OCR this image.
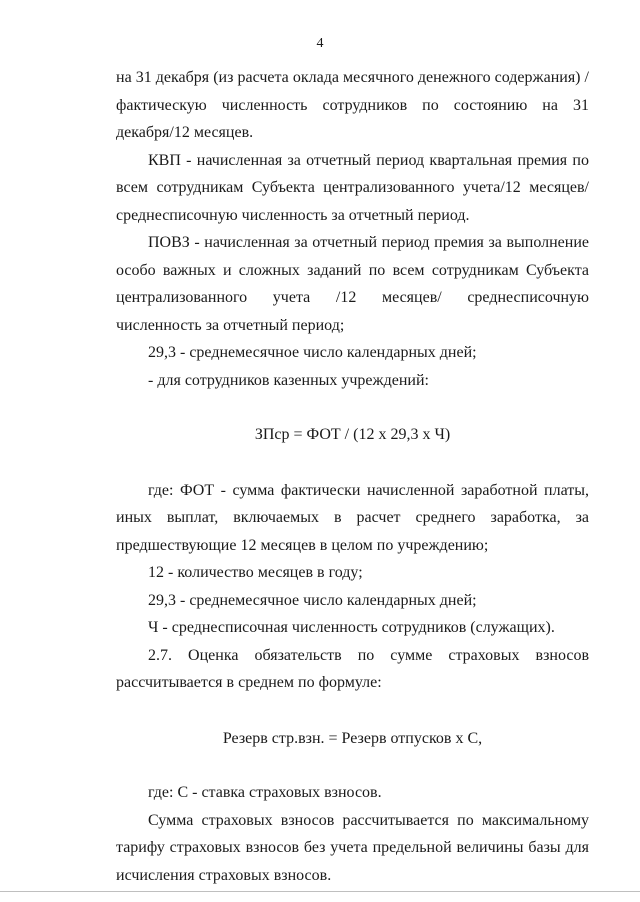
4

на 31 декабря (из расчета оклада месячного денежного содержания) / фактическую численность сотрудников по состоянию на 31 декабря/12 месяцев.

КВП - начисленная за отчетный период квартальная премия по всем сотрудникам Субъекта централизованного учета/12 месяцев/среднесписочную численность за отчетный период.

ПОВЗ - начисленная за отчетный период премия за выполнение особо важных и сложных заданий по всем сотрудникам Субъекта централизованного учета /12 месяцев/ среднесписочную численность за отчетный период;

29,3 - среднемесячное число календарных дней;

- для сотрудников казенных учреждений:

ЗПср = ФОТ / (12 х 29,3 х Ч)

где: ФОТ - сумма фактически начисленной заработной платы, иных выплат, включаемых в расчет среднего заработка, за предшествующие 12 месяцев в целом по учреждению;

12 - количество месяцев в году;

29,3 - среднемесячное число календарных дней;

Ч - среднесписочная численность сотрудников (служащих).

2.7. Оценка обязательств по сумме страховых взносов рассчитывается в среднем по формуле:

Резерв стр.взн. = Резерв отпусков х С,

где: С - ставка страховых взносов.

Сумма страховых взносов рассчитывается по максимальному тарифу страховых взносов без учета предельной величины базы для исчисления страховых взносов.
